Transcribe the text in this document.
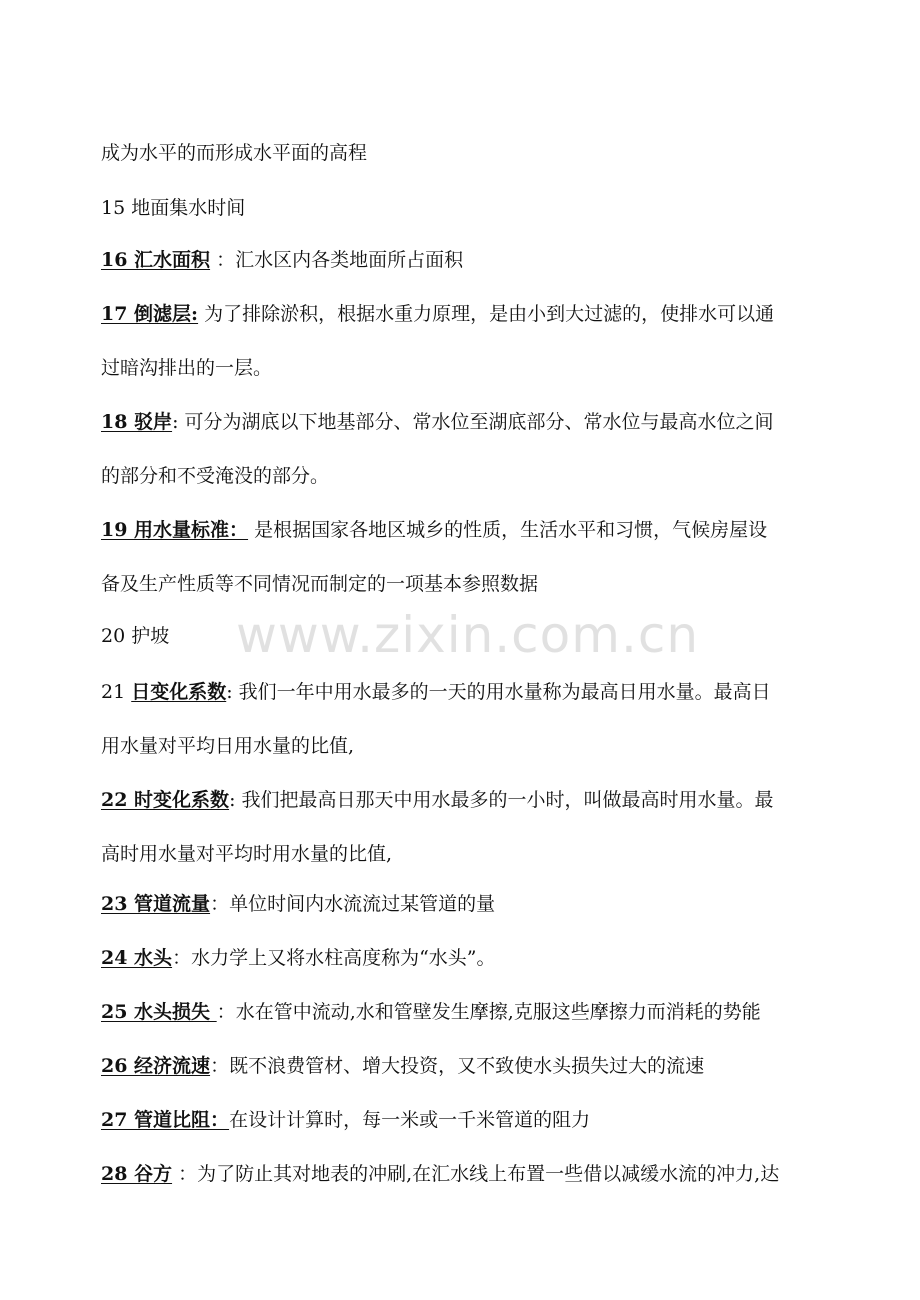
成为水平的而形成水平面的高程
15 地面集水时间
16 汇水面积 ：汇水区内各类地面所占面积
17 倒滤层: 为了排除淤积，根据水重力原理，是由小到大过滤的，使排水可以通
过暗沟排出的一层。
18 驳岸: 可分为湖底以下地基部分、常水位至湖底部分、常水位与最高水位之间
的部分和不受淹没的部分。
19 用水量标准： 是根据国家各地区城乡的性质，生活水平和习惯，气候房屋设
备及生产性质等不同情况而制定的一项基本参照数据
20 护坡
21 日变化系数: 我们一年中用水最多的一天的用水量称为最高日用水量。最高日
用水量对平均日用水量的比值,
22 时变化系数: 我们把最高日那天中用水最多的一小时，叫做最高时用水量。最
高时用水量对平均时用水量的比值,
23 管道流量：单位时间内水流流过某管道的量
24 水头：水力学上又将水柱高度称为“水头”。
25 水头损失 ：水在管中流动,水和管壁发生摩擦,克服这些摩擦力而消耗的势能
26 经济流速：既不浪费管材、增大投资，又不致使水头损失过大的流速
27 管道比阻：在设计计算时，每一米或一千米管道的阻力
28 谷方 ：为了防止其对地表的冲刷,在汇水线上布置一些借以减缓水流的冲力,达
www.zixin.com.cn
